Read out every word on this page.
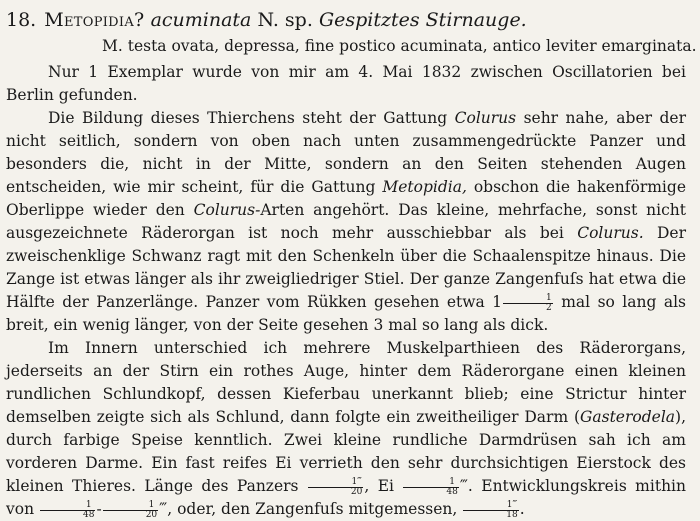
18. Metopidia? acuminata N. sp. Gespitztes Stirnauge.
M. testa ovata, depressa, fine postico acuminata, antico leviter emarginata.

Nur 1 Exemplar wurde von mir am 4. Mai 1832 zwischen Oscillatorien bei Berlin gefunden.

Die Bildung dieses Thierchens steht der Gattung Colurus sehr nahe, aber der nicht seitlich, sondern von oben nach unten zusammengedrückte Panzer und besonders die, nicht in der Mitte, sondern an den Seiten stehenden Augen entscheiden, wie mir scheint, für die Gattung Metopidia, obschon die hakenförmige Oberlippe wieder den Colurus-Arten angehört. Das kleine, mehrfache, sonst nicht ausgezeichnete Räderorgan ist noch mehr ausschiebbar als bei Colurus. Der zweischenklige Schwanz ragt mit den Schenkeln über die Schaalenspitze hinaus. Die Zange ist etwas länger als ihr zweigliedriger Stiel. Der ganze Zangenfuſs hat etwa die Hälfte der Panzerlänge. Panzer vom Rükken gesehen etwa $1 \frac{1}{2}$ mal so lang als breit, ein wenig länger, von der Seite gesehen 3 mal so lang als dick.

Im Innern unterschied ich mehrere Muskelparthieen des Räderorgans, jederseits an der Stirn ein rothes Auge, hinter dem Räderorgane einen kleinen rundlichen Schlundkopf, dessen Kieferbau unerkannt blieb; eine Strictur hinter demselben zeigte sich als Schlund, dann folgte ein zweitheiliger Darm (Gasterodela), durch farbige Speise kenntlich. Zwei kleine rundliche Darmdrüsen sah ich am vorderen Darme. Ein fast reifes Ei verrieth den sehr durchsichtigen Eierstock des kleinen Thieres. Länge des Panzers $\frac{1‴}{20}$ , Ei $\frac{1}{48}$ ‴. Entwicklungskreis mithin von $\frac{1}{48} - \frac{1}{20}$ ‴, oder, den Zangenfuſs mitgemessen, $\frac{1‴}{18}$ .
